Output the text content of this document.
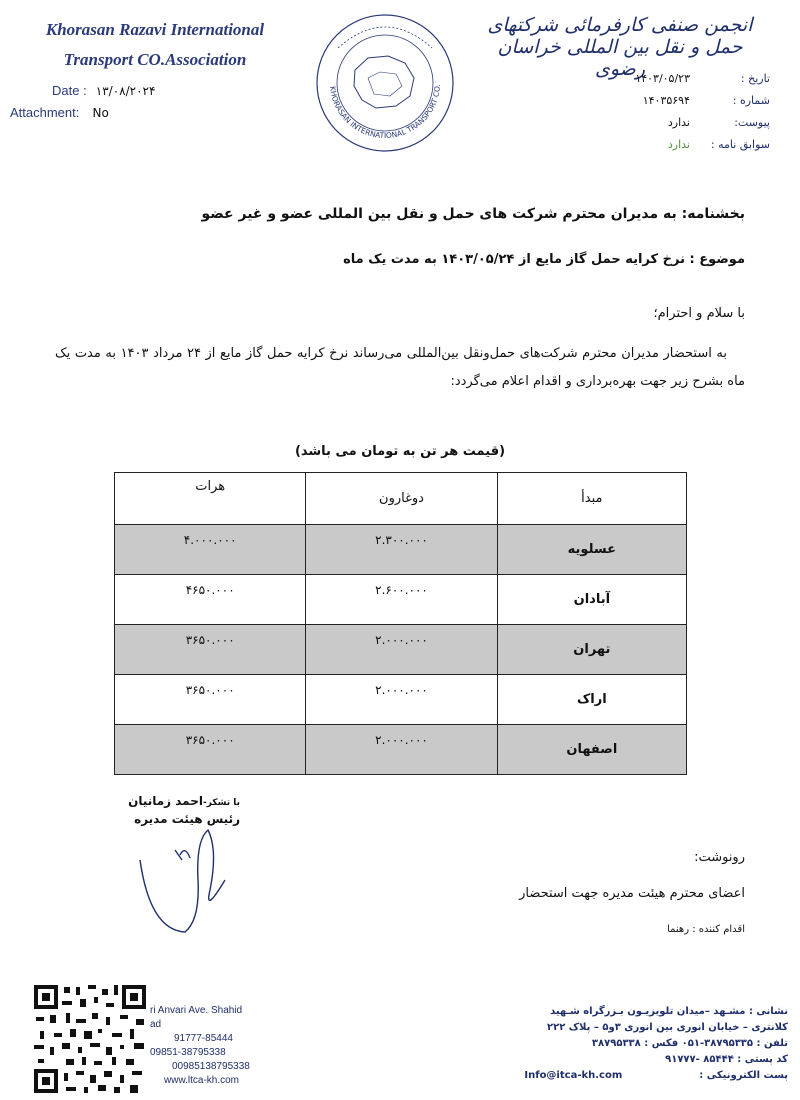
Khorasan Razavi International
Transport CO.Association
Date : ۱۳/۰۸/۲۰۲۴
Attachment: No
KHORASAN INTERNATIONAL TRANSPORT CO.
انجمن صنفی کارفرمائی شرکتهای حمل و نقل بین المللی خراسان رضوی	تاریخ :۱۴۰۳/۰۵/۲۳
شماره :۱۴۰۳۵۶۹۴
پیوست:ندارد
سوابق نامه :ندارد
بخشنامه: به مدیران محترم شرکت های حمل و نقل بین المللی عضو و غیر عضو
موضوع : نرخ کرایه حمل گاز مایع از ۱۴۰۳/۰۵/۲۴ به مدت یک ماه
با سلام و احترام؛
به استحضار مدیران محترم شرکت‌های حمل‌ونقل بین‌المللی می‌رساند نرخ کرایه حمل گاز مایع از ۲۴ مرداد ۱۴۰۳ به مدت یک ماه بشرح زیر جهت بهره‌برداری و اقدام اعلام می‌گردد:
(قیمت هر تن به تومان می باشد)
مبدأ	دوغارون	هرات
عسلویه	۲.۳۰۰.۰۰۰	۴.۰۰۰.۰۰۰
آبادان	۲.۶۰۰.۰۰۰	۴۶۵۰.۰۰۰
تهران	۲.۰۰۰.۰۰۰	۳۶۵۰.۰۰۰
اراک	۲.۰۰۰.۰۰۰	۳۶۵۰.۰۰۰
اصفهان	۲.۰۰۰.۰۰۰	۳۶۵۰.۰۰۰
با تشکر-احمد زمانیان
رئیس هیئت مدیره
رونوشت:
اعضای محترم هیئت مدیره جهت استحضار
اقدام کننده : رهنما
ri Anvari Ave. Shahid
ad
91777-85444
09851-38795338
00985138795338
www.ltca-kh.com
نشانی : مشـهد –میدان تلویزیـون بـزرگراه شـهید
کلانتری – خیابان انوری بین انوری ۳و۵ – پلاک ۲۲۲
تلفن : ۳۸۷۹۵۳۳۵-۰۵۱ فکس : ۳۸۷۹۵۳۳۸
کد پستی : ۸۵۴۴۴ -۹۱۷۷۷
پست الکترونیکی :  Info@itca-kh.com
